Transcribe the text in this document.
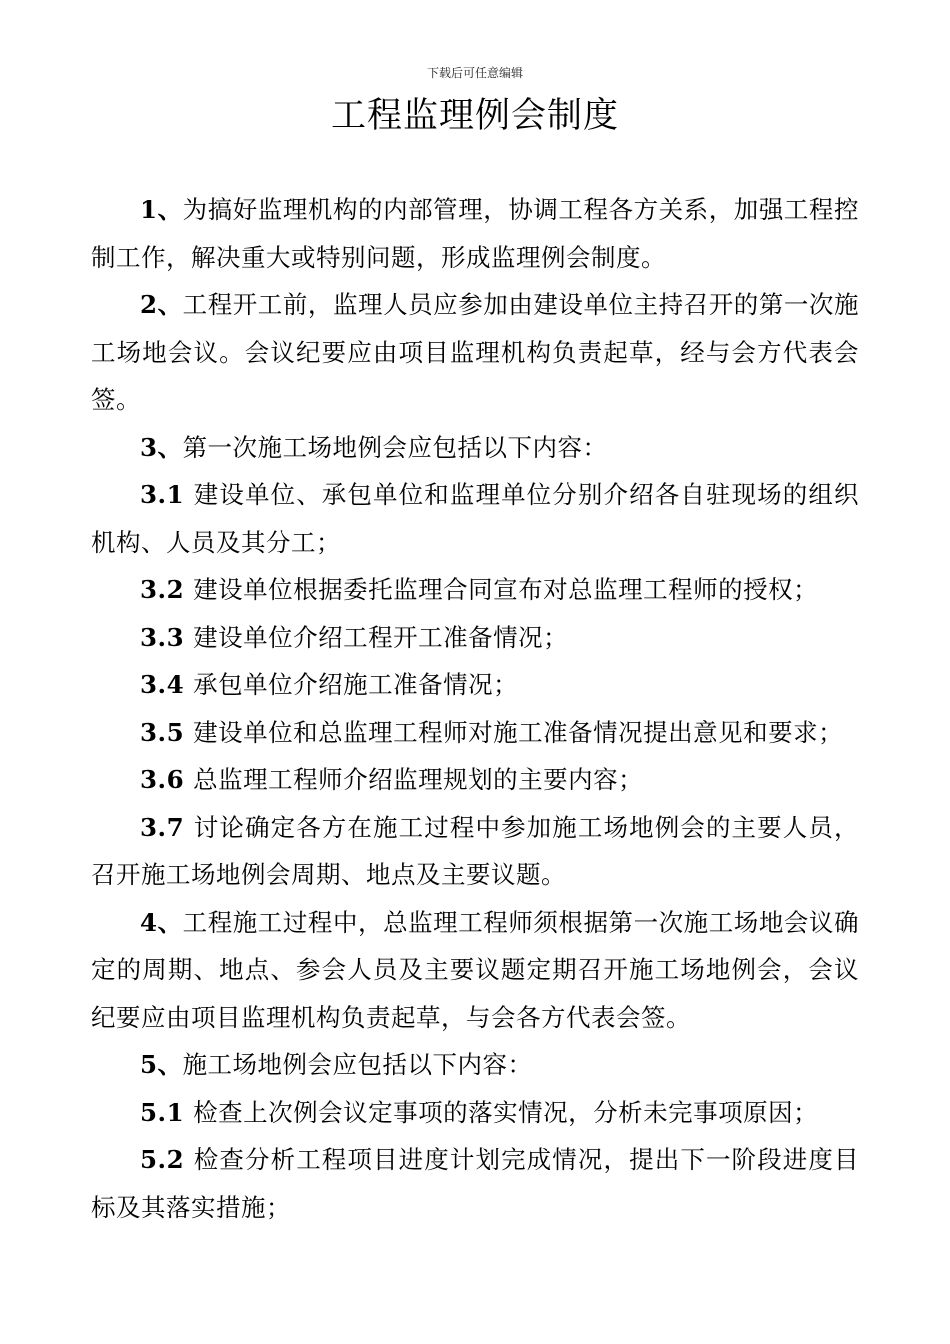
下载后可任意编辑
工程监理例会制度

1、为搞好监理机构的内部管理，协调工程各方关系，加强工程控制工作，解决重大或特别问题，形成监理例会制度。

2、工程开工前，监理人员应参加由建设单位主持召开的第一次施工场地会议。会议纪要应由项目监理机构负责起草，经与会方代表会签。

3、第一次施工场地例会应包括以下内容：

3.1 建设单位、承包单位和监理单位分别介绍各自驻现场的组织机构、人员及其分工；

3.2 建设单位根据委托监理合同宣布对总监理工程师的授权；

3.3 建设单位介绍工程开工准备情况；

3.4 承包单位介绍施工准备情况；

3.5 建设单位和总监理工程师对施工准备情况提出意见和要求；

3.6 总监理工程师介绍监理规划的主要内容；

3.7 讨论确定各方在施工过程中参加施工场地例会的主要人员，召开施工场地例会周期、地点及主要议题。

4、工程施工过程中，总监理工程师须根据第一次施工场地会议确定的周期、地点、参会人员及主要议题定期召开施工场地例会，会议纪要应由项目监理机构负责起草，与会各方代表会签。

5、施工场地例会应包括以下内容：

5.1 检查上次例会议定事项的落实情况，分析未完事项原因；

5.2 检查分析工程项目进度计划完成情况，提出下一阶段进度目标及其落实措施；
